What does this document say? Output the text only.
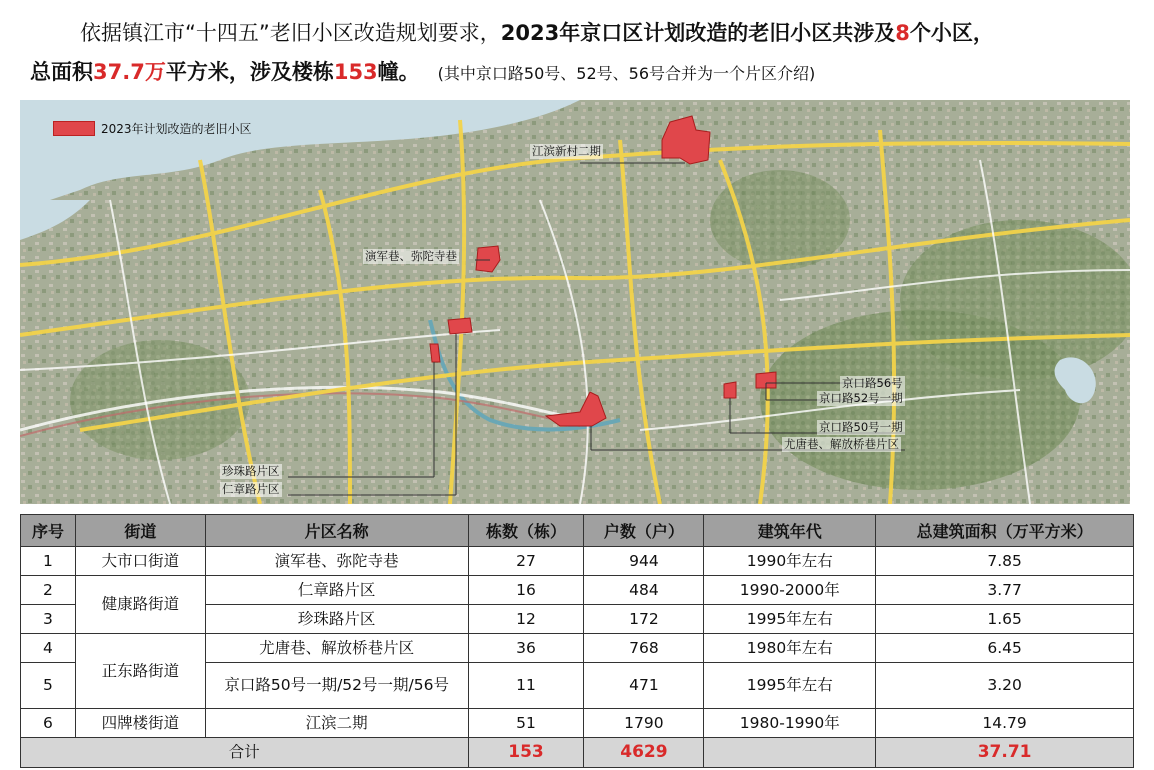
依据镇江市“十四五”老旧小区改造规划要求，2023年京口区计划改造的老旧小区共涉及8个小区，
总面积37.7万平方米，涉及楼栋153幢。 (其中京口路50号、52号、56号合并为一个片区介绍)
2023年计划改造的老旧小区
江滨新村二期
演军巷、弥陀寺巷
京口路56号
京口路52号一期
京口路50号一期
尤唐巷、解放桥巷片区
珍珠路片区
仁章路片区
序号	街道	片区名称	栋数（栋）	户数（户）	建筑年代	总建筑面积（万平方米）
1	大市口街道	演军巷、弥陀寺巷	27	944	1990年左右	7.85
2	健康路街道	仁章路片区	16	484	1990-2000年	3.77
3		珍珠路片区	12	172	1995年左右	1.65
4	正东路街道	尤唐巷、解放桥巷片区	36	768	1980年左右	6.45
5		京口路50号一期/52号一期/56号	11	471	1995年左右	3.20
6	四牌楼街道	江滨二期	51	1790	1980-1990年	14.79
合计			153	4629		37.71
